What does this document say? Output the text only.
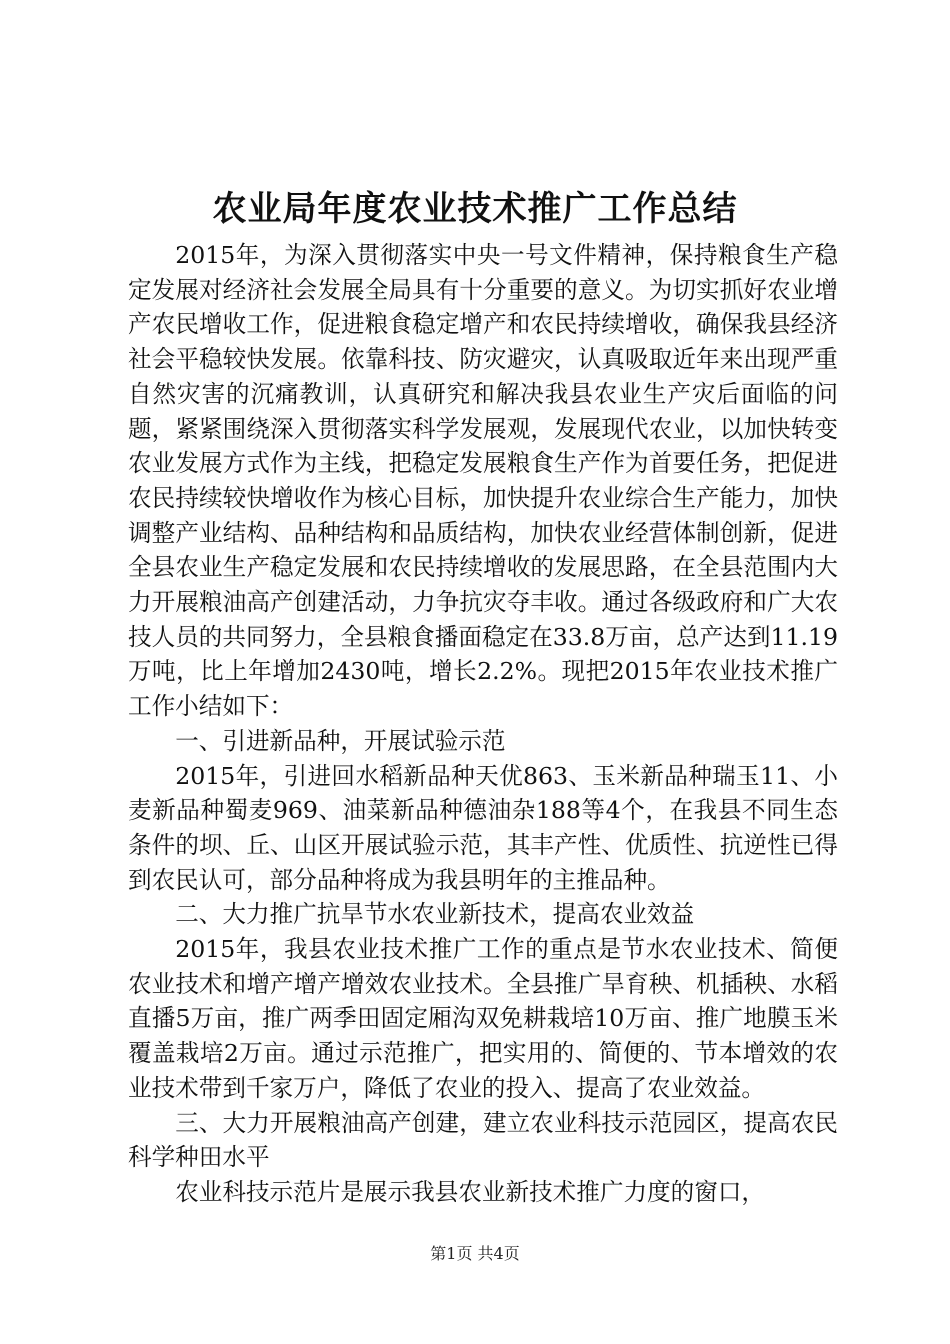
农业局年度农业技术推广工作总结

2015年，为深入贯彻落实中央一号文件精神，保持粮食生产稳定发展对经济社会发展全局具有十分重要的意义。为切实抓好农业增产农民增收工作，促进粮食稳定增产和农民持续增收，确保我县经济社会平稳较快发展。依靠科技、防灾避灾，认真吸取近年来出现严重自然灾害的沉痛教训，认真研究和解决我县农业生产灾后面临的问题，紧紧围绕深入贯彻落实科学发展观，发展现代农业，以加快转变农业发展方式作为主线，把稳定发展粮食生产作为首要任务，把促进农民持续较快增收作为核心目标，加快提升农业综合生产能力，加快调整产业结构、品种结构和品质结构，加快农业经营体制创新，促进全县农业生产稳定发展和农民持续增收的发展思路，在全县范围内大力开展粮油高产创建活动，力争抗灾夺丰收。通过各级政府和广大农技人员的共同努力，全县粮食播面稳定在33.8万亩，总产达到11.19万吨，比上年增加2430吨，增长2.2%。现把2015年农业技术推广工作小结如下：

一、引进新品种，开展试验示范

2015年，引进回水稻新品种天优863、玉米新品种瑞玉11、小麦新品种蜀麦969、油菜新品种德油杂188等4个，在我县不同生态条件的坝、丘、山区开展试验示范，其丰产性、优质性、抗逆性已得到农民认可，部分品种将成为我县明年的主推品种。

二、大力推广抗旱节水农业新技术，提高农业效益

2015年，我县农业技术推广工作的重点是节水农业技术、简便农业技术和增产增产增效农业技术。全县推广旱育秧、机插秧、水稻直播5万亩，推广两季田固定厢沟双免耕栽培10万亩、推广地膜玉米覆盖栽培2万亩。通过示范推广，把实用的、简便的、节本增效的农业技术带到千家万户，降低了农业的投入、提高了农业效益。

三、大力开展粮油高产创建，建立农业科技示范园区，提高农民科学种田水平

农业科技示范片是展示我县农业新技术推广力度的窗口，

第1页 共4页
